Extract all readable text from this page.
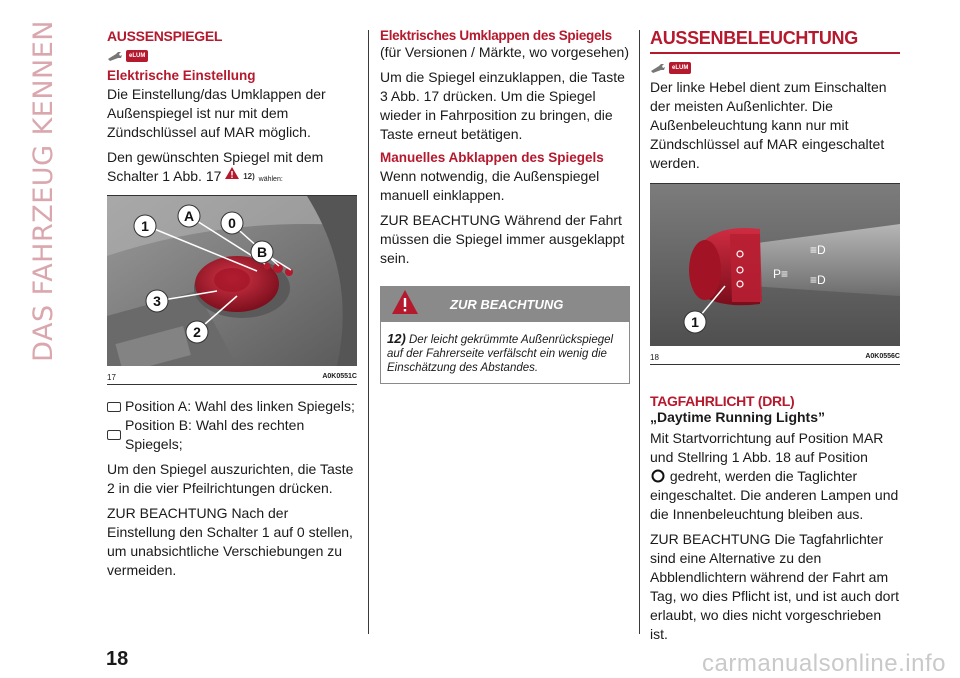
DAS FAHRZEUG KENNEN	AUSSENSPIEGEL
eLUM
Elektrische Einstellung

Die Einstellung/das Umklappen der Außenspiegel ist nur mit dem Zündschlüssel auf MAR möglich.

Den gewünschten Spiegel mit dem Schalter 1 Abb. 17	$^{12)}$ wählen:

1
A 0
B
3
2
17	A0K0551C
Position A: Wahl des linken Spiegels;
Position B: Wahl des rechten Spiegels;

Um den Spiegel auszurichten, die Taste 2 in die vier Pfeilrichtungen drücken.

ZUR BEACHTUNG Nach der Einstellung den Schalter 1 auf 0 stellen, um unabsichtliche Verschiebungen zu vermeiden.

Elektrisches Umklappen des Spiegels

(für Versionen / Märkte, wo vorgesehen)

Um die Spiegel einzuklappen, die Taste 3 Abb. 17 drücken. Um die Spiegel wieder in Fahrposition zu bringen, die Taste erneut betätigen.

Manuelles Abklappen des Spiegels

Wenn notwendig, die Außenspiegel manuell einklappen.

ZUR BEACHTUNG Während der Fahrt müssen die Spiegel immer ausgeklappt sein.

ZUR BEACHTUNG
12) Der leicht gekrümmte Außenrückspiegel auf der Fahrerseite verfälscht ein wenig die Einschätzung des Abstandes.
AUSSENBELEUCHTUNG
eLUM

Der linke Hebel dient zum Einschalten der meisten Außenlichter. Die Außenbeleuchtung kann nur mit Zündschlüssel auf MAR eingeschaltet werden.

P≡
≡D
≡D
1
18	A0K0556C
TAGFAHRLICHT (DRL)
„Daytime Running Lights”

Mit Startvorrichtung auf Position MAR und Stellring 1 Abb. 18 auf Position
gedreht, werden die Taglichter eingeschaltet. Die anderen Lampen und die Innenbeleuchtung bleiben aus.

ZUR BEACHTUNG Die Tagfahrlichter sind eine Alternative zu den Abblendlichtern während der Fahrt am Tag, wo dies Pflicht ist, und ist auch dort erlaubt, wo dies nicht vorgeschrieben ist.

18	carmanualsonline.info
